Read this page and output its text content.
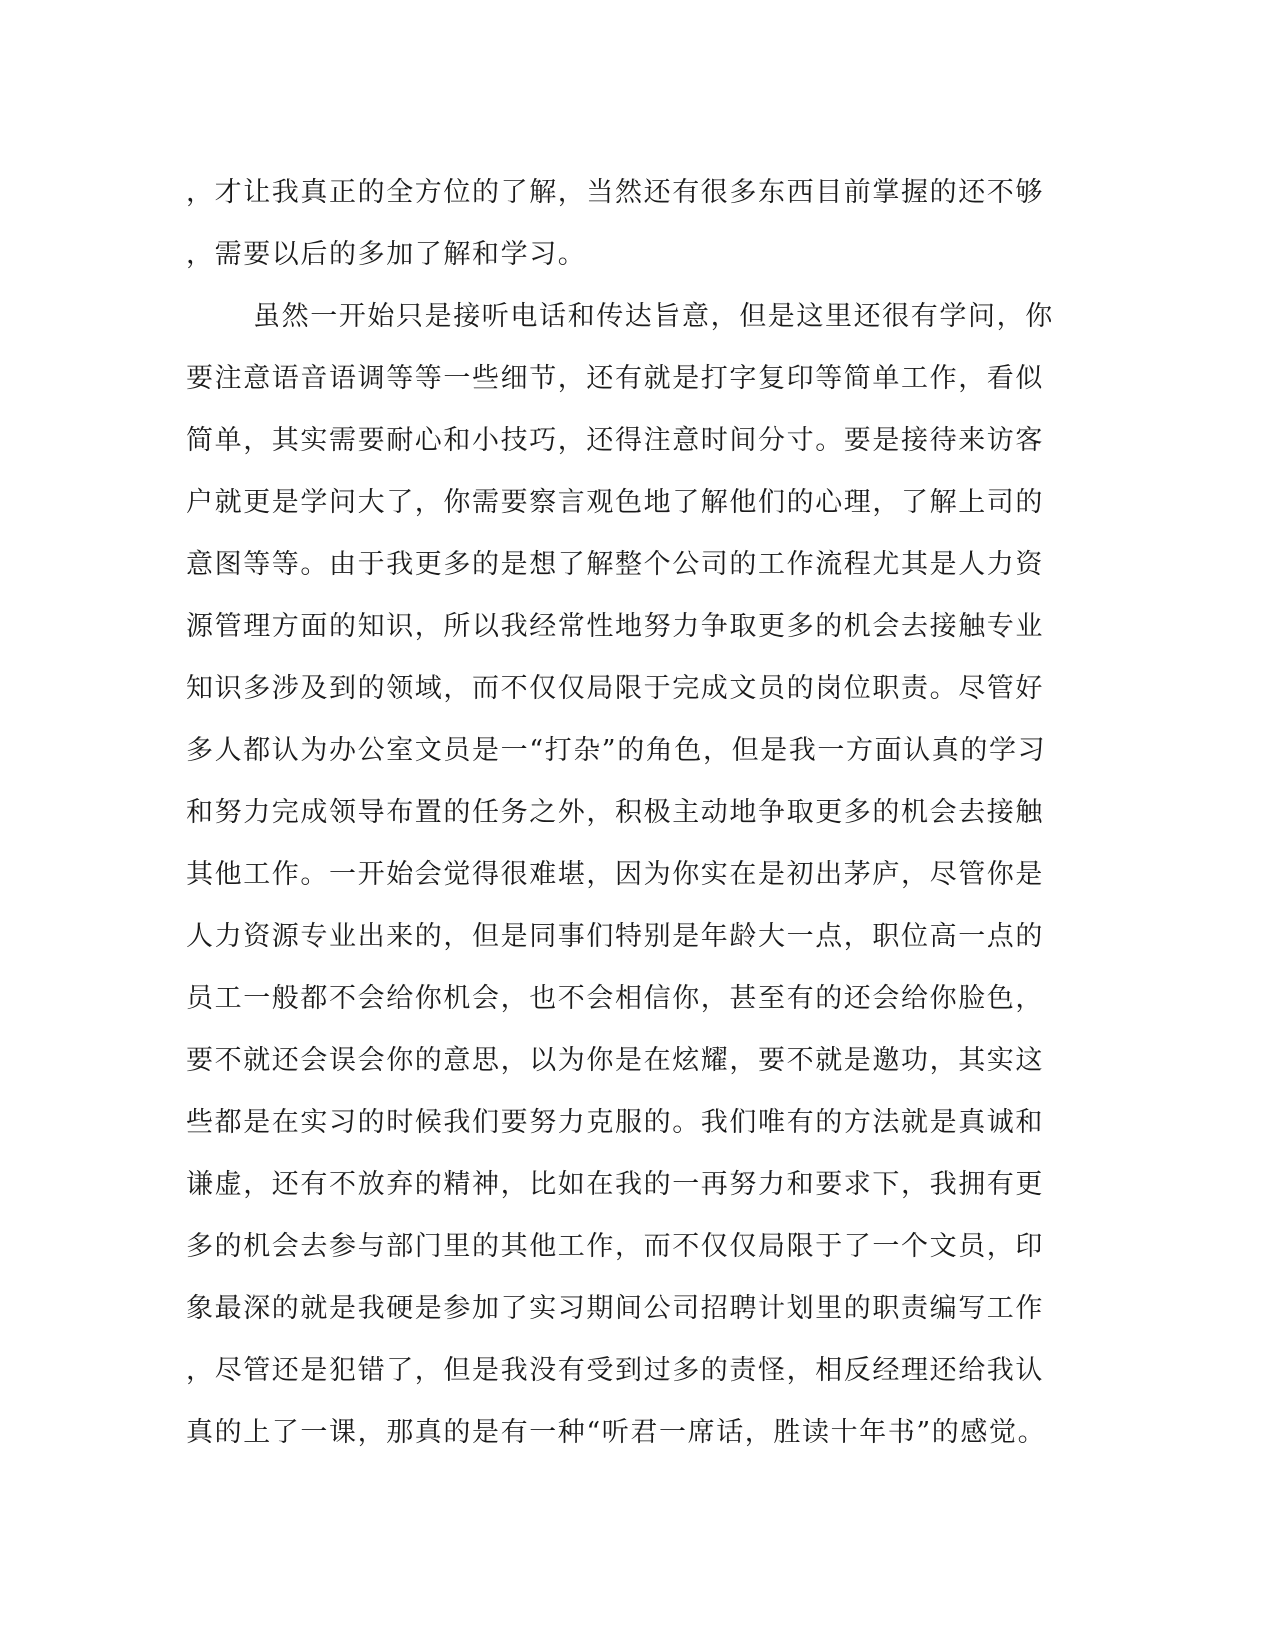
，才让我真正的全方位的了解，当然还有很多东西目前掌握的还不够
，需要以后的多加了解和学习。
虽然一开始只是接听电话和传达旨意，但是这里还很有学问，你
要注意语音语调等等一些细节，还有就是打字复印等简单工作，看似
简单，其实需要耐心和小技巧，还得注意时间分寸。要是接待来访客
户就更是学问大了，你需要察言观色地了解他们的心理，了解上司的
意图等等。由于我更多的是想了解整个公司的工作流程尤其是人力资
源管理方面的知识，所以我经常性地努力争取更多的机会去接触专业
知识多涉及到的领域，而不仅仅局限于完成文员的岗位职责。尽管好
多人都认为办公室文员是一“打杂”的角色，但是我一方面认真的学习
和努力完成领导布置的任务之外，积极主动地争取更多的机会去接触
其他工作。一开始会觉得很难堪，因为你实在是初出茅庐，尽管你是
人力资源专业出来的，但是同事们特别是年龄大一点，职位高一点的
员工一般都不会给你机会，也不会相信你，甚至有的还会给你脸色，
要不就还会误会你的意思，以为你是在炫耀，要不就是邀功，其实这
些都是在实习的时候我们要努力克服的。我们唯有的方法就是真诚和
谦虚，还有不放弃的精神，比如在我的一再努力和要求下，我拥有更
多的机会去参与部门里的其他工作，而不仅仅局限于了一个文员，印
象最深的就是我硬是参加了实习期间公司招聘计划里的职责编写工作
，尽管还是犯错了，但是我没有受到过多的责怪，相反经理还给我认
真的上了一课，那真的是有一种“听君一席话，胜读十年书”的感觉。
